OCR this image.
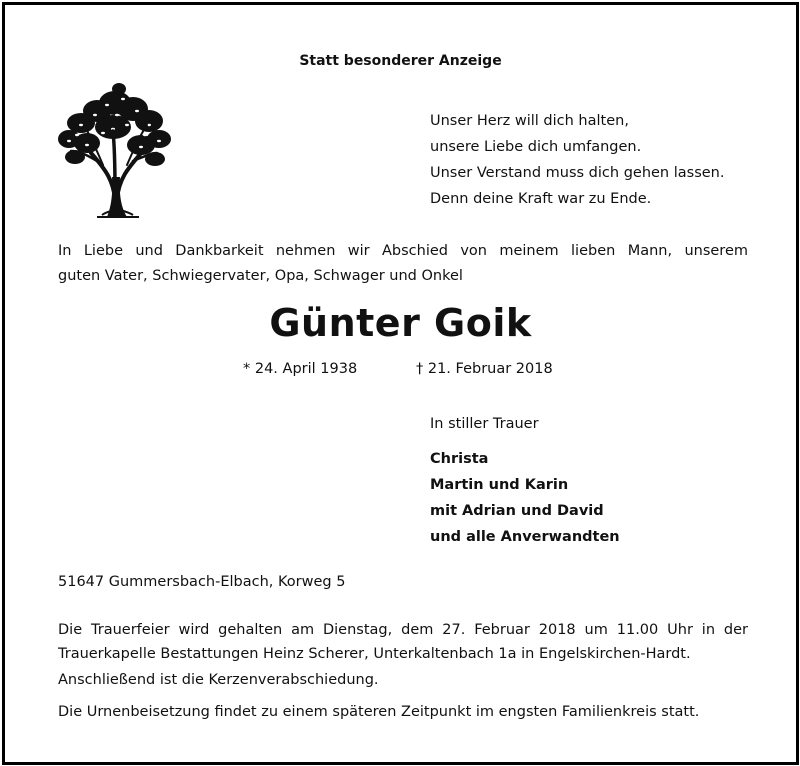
Statt besonderer Anzeige
Unser Herz will dich halten,
unsere Liebe dich umfangen.
Unser Verstand muss dich gehen lassen.
Denn deine Kraft war zu Ende.
In Liebe und Dankbarkeit nehmen wir Abschied von meinem lieben Mann, unserem
guten Vater, Schwiegervater, Opa, Schwager und Onkel
Günter Goik
* 24. April 1938	† 21. Februar 2018
In stiller Trauer
Christa
Martin und Karin
mit Adrian und David
und alle Anverwandten
51647 Gummersbach-Elbach, Korweg 5
Die Trauerfeier wird gehalten am Dienstag, dem 27. Februar 2018 um 11.00 Uhr in der
Trauerkapelle Bestattungen Heinz Scherer, Unterkaltenbach 1a in Engelskirchen-Hardt.
Anschließend ist die Kerzenverabschiedung.
Die Urnenbeisetzung findet zu einem späteren Zeitpunkt im engsten Familienkreis statt.
